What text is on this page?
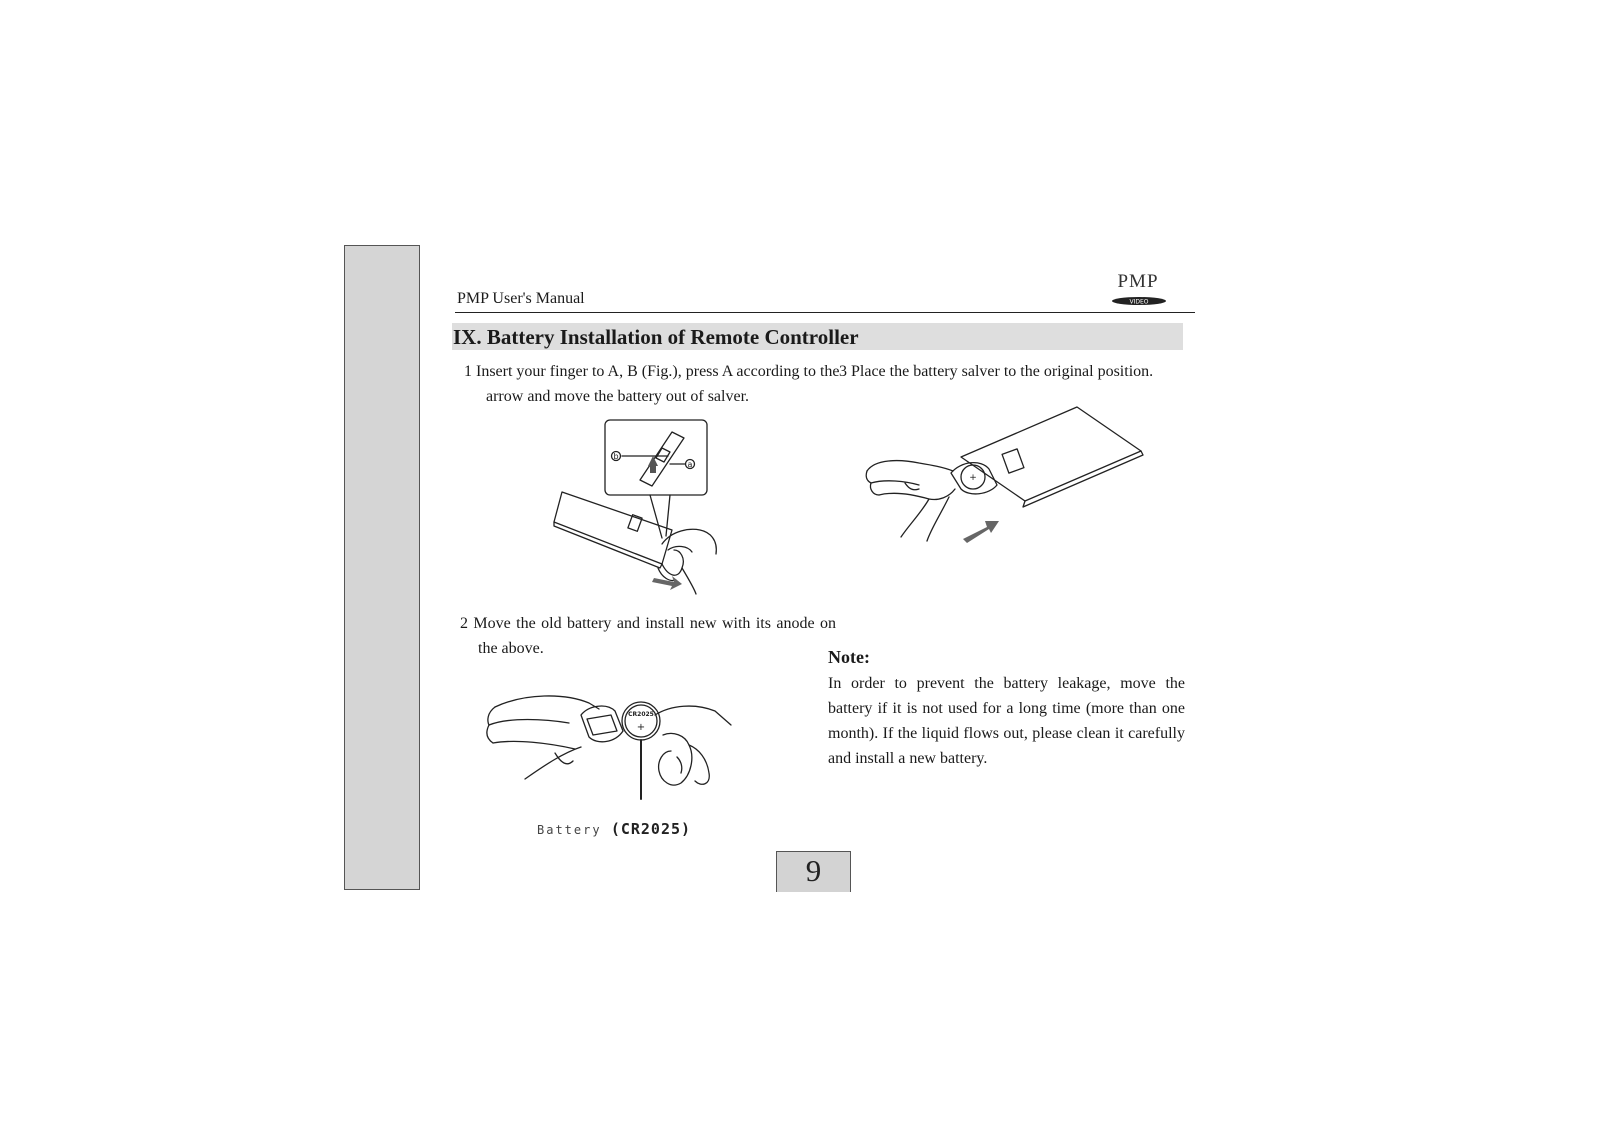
PMP User's Manual
PMP
VIDEO
IX. Battery Installation of Remote Controller
1 Insert your finger to A, B (Fig.), press A according to the arrow and move the battery out of salver.
3 Place the battery salver to the original position.
2 Move the old battery and install new with its anode on the above.
b
a
+
+
CR2025
Battery (CR2025)
Note:
In order to prevent the battery leakage, move the battery if it is not used for a long time (more than one month). If the liquid flows out, please clean it carefully and install a new battery.
9
